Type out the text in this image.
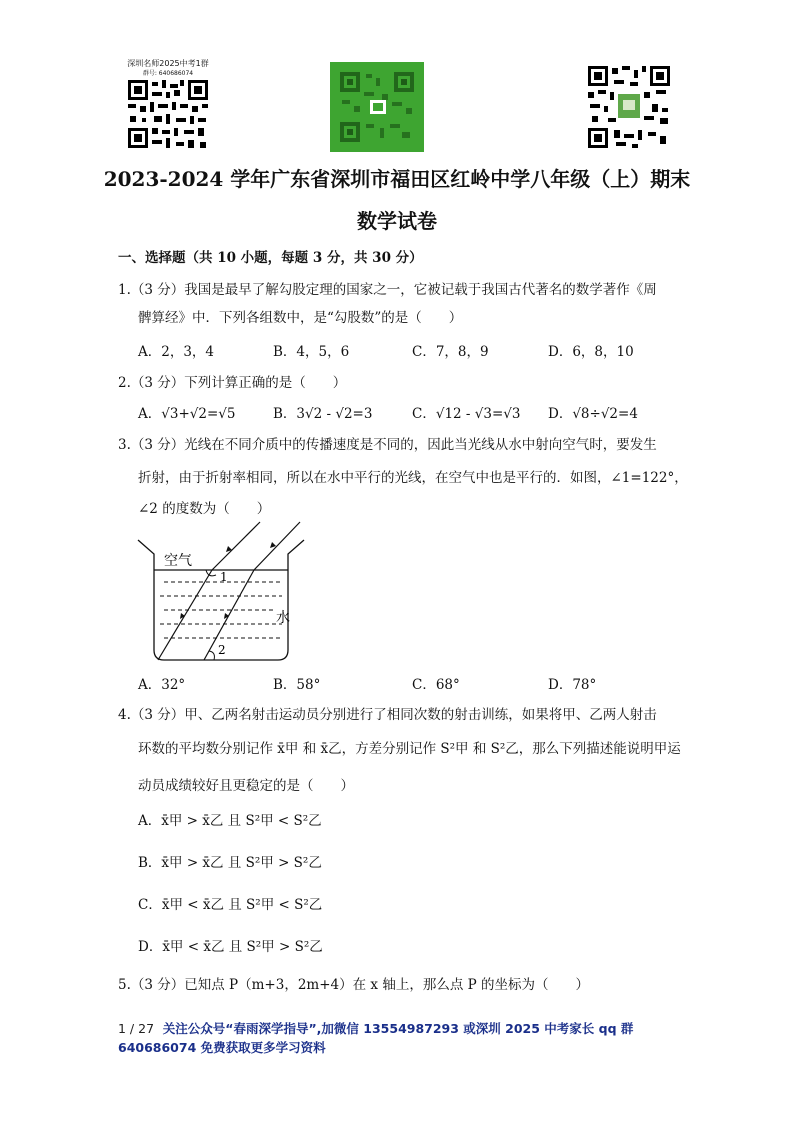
深圳名师2025中考1群
群号: 640686074
2023-2024 学年广东省深圳市福田区红岭中学八年级（上）期末
数学试卷
一、选择题（共 10 小题，每题 3 分，共 30 分）
1.（3 分）我国是最早了解勾股定理的国家之一，它被记载于我国古代著名的数学著作《周
髀算经》中．下列各组数中，是“勾股数”的是（　　）
A．2，3，4	B．4，5，6	C．7，8，9	D．6，8，10
2.（3 分）下列计算正确的是（　　）
A．√3+√2=√5	B．3√2 - √2=3	C．√12 - √3=√3 D．√8÷√2=4
3.（3 分）光线在不同介质中的传播速度是不同的，因此当光线从水中射向空气时，要发生
折射，由于折射率相同，所以在水中平行的光线，在空气中也是平行的．如图，∠1=122°，
∠2 的度数为（　　）
空气
水
1
2
A．32°	B．58°	C．68°	D．78°
4.（3 分）甲、乙两名射击运动员分别进行了相同次数的射击训练，如果将甲、乙两人射击
环数的平均数分别记作 x̄甲 和 x̄乙，方差分别记作 S²甲 和 S²乙，那么下列描述能说明甲运
动员成绩较好且更稳定的是（　　）
A．x̄甲 > x̄乙 且 S²甲 < S²乙
B．x̄甲 > x̄乙 且 S²甲 > S²乙
C．x̄甲 < x̄乙 且 S²甲 < S²乙
D．x̄甲 < x̄乙 且 S²甲 > S²乙
5.（3 分）已知点 P（m+3，2m+4）在 x 轴上，那么点 P 的坐标为（　　）
1 / 27 关注公众号“春雨深学指导”,加微信 13554987293 或深圳 2025 中考家长 qq 群
640686074 免费获取更多学习资料
